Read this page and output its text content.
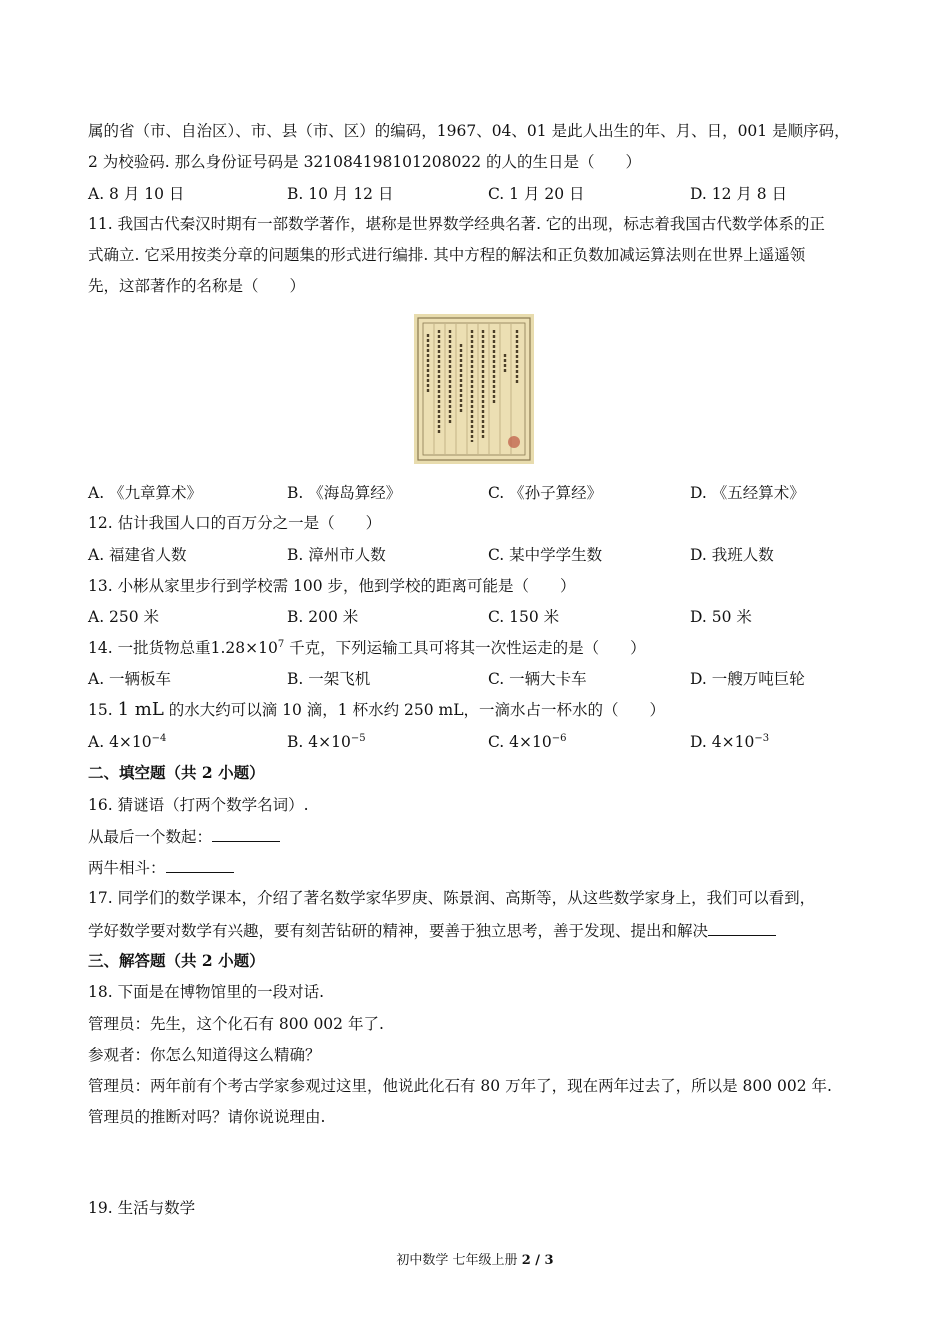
属的省（市、自治区）、市、县（市、区）的编码，1967、04、01 是此人出生的年、月、日，001 是顺序码，
2 为校验码. 那么身份证号码是 321084198101208022 的人的生日是（　　）
A. 8 月 10 日	B. 10 月 12 日	C. 1 月 20 日	D. 12 月 8 日
11. 我国古代秦汉时期有一部数学著作，堪称是世界数学经典名著. 它的出现，标志着我国古代数学体系的正
式确立. 它采用按类分章的问题集的形式进行编排. 其中方程的解法和正负数加减运算法则在世界上遥遥领
先，这部著作的名称是（　　）
A. 《九章算术》	B. 《海岛算经》	C. 《孙子算经》	D. 《五经算术》
12. 估计我国人口的百万分之一是（　　）
A. 福建省人数	B. 漳州市人数	C. 某中学学生数	D. 我班人数
13. 小彬从家里步行到学校需 100 步，他到学校的距离可能是（　　）
A. 250 米	B. 200 米	C. 150 米	D. 50 米
14. 一批货物总重$1.28\times 10^7$ 千克，下列运输工具可将其一次性运走的是（　　）
A. 一辆板车	B. 一架飞机	C. 一辆大卡车	D. 一艘万吨巨轮
15. 1 mL 的水大约可以滴 10 滴，1 杯水约 250 mL，一滴水占一杯水的（　　）
A. $4\times 10^{-4}$	B. $4\times 10^{-5}$	C. $4\times 10^{-6}$	D. $4\times 10^{-3}$
二、填空题（共 2 小题）
16. 猜谜语（打两个数学名词）.
从最后一个数起：
两牛相斗：
17. 同学们的数学课本，介绍了著名数学家华罗庚、陈景润、高斯等，从这些数学家身上，我们可以看到，
学好数学要对数学有兴趣，要有刻苦钻研的精神，要善于独立思考，善于发现、提出和解决
三、解答题（共 2 小题）
18. 下面是在博物馆里的一段对话.
管理员：先生，这个化石有 800 002 年了.
参观者：你怎么知道得这么精确？
管理员：两年前有个考古学家参观过这里，他说此化石有 80 万年了，现在两年过去了，所以是 800 002 年.
管理员的推断对吗？请你说说理由.
19. 生活与数学
初中数学 七年级上册 2 / 3
